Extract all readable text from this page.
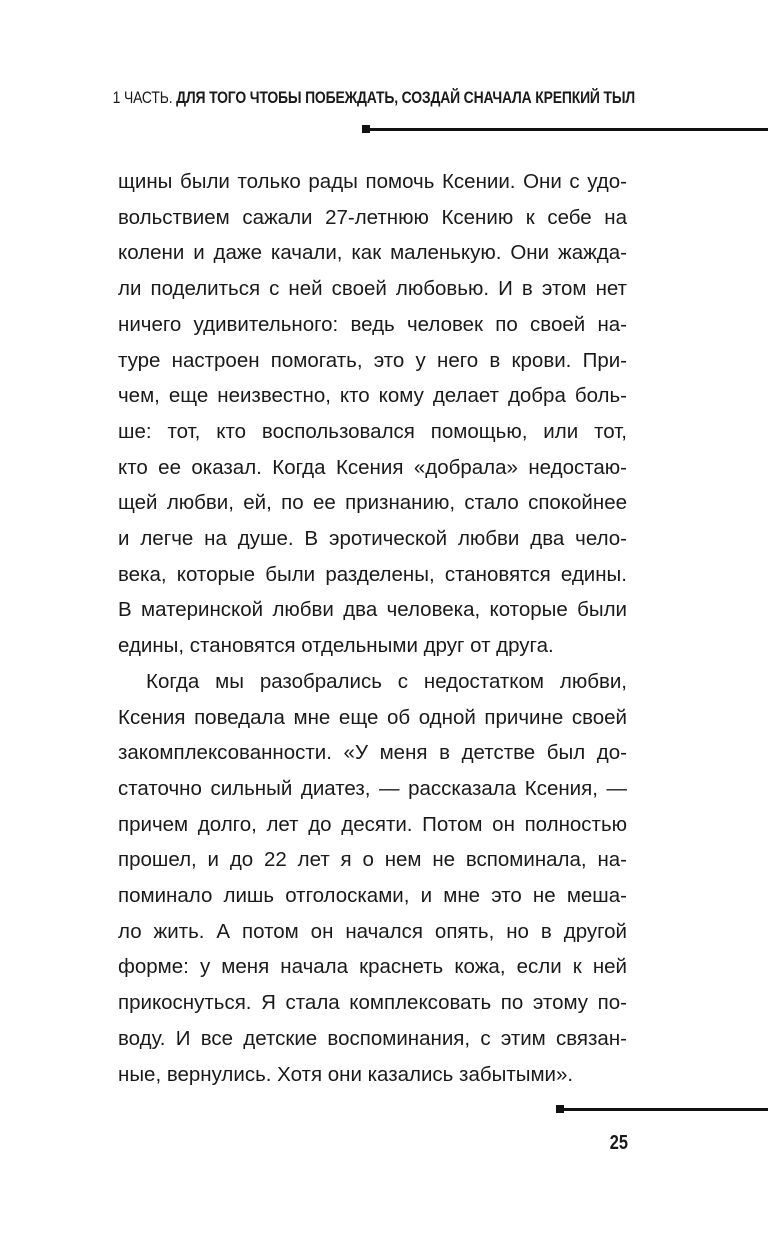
1 ЧАСТЬ. ДЛЯ ТОГО ЧТОБЫ ПОБЕЖДАТЬ, СОЗДАЙ СНАЧАЛА КРЕПКИЙ ТЫЛ
щины были только рады помочь Ксении. Они с удо-
вольствием сажали 27-летнюю Ксению к себе на
колени и даже качали, как маленькую. Они жажда-
ли поделиться с ней своей любовью. И в этом нет
ничего удивительного: ведь человек по своей на-
туре настроен помогать, это у него в крови. При-
чем, еще неизвестно, кто кому делает добра боль-
ше: тот, кто воспользовался помощью, или тот,
кто ее оказал. Когда Ксения «добрала» недостаю-
щей любви, ей, по ее признанию, стало спокойнее
и легче на душе. В эротической любви два чело-
века, которые были разделены, становятся едины.
В материнской любви два человека, которые были
едины, становятся отдельными друг от друга.
Когда мы разобрались с недостатком любви,
Ксения поведала мне еще об одной причине своей
закомплексованности. «У меня в детстве был до-
статочно сильный диатез, — рассказала Ксения, —
причем долго, лет до десяти. Потом он полностью
прошел, и до 22 лет я о нем не вспоминала, на-
поминало лишь отголосками, и мне это не меша-
ло жить. А потом он начался опять, но в другой
форме: у меня начала краснеть кожа, если к ней
прикоснуться. Я стала комплексовать по этому по-
воду. И все детские воспоминания, с этим связан-
ные, вернулись. Хотя они казались забытыми».
25
